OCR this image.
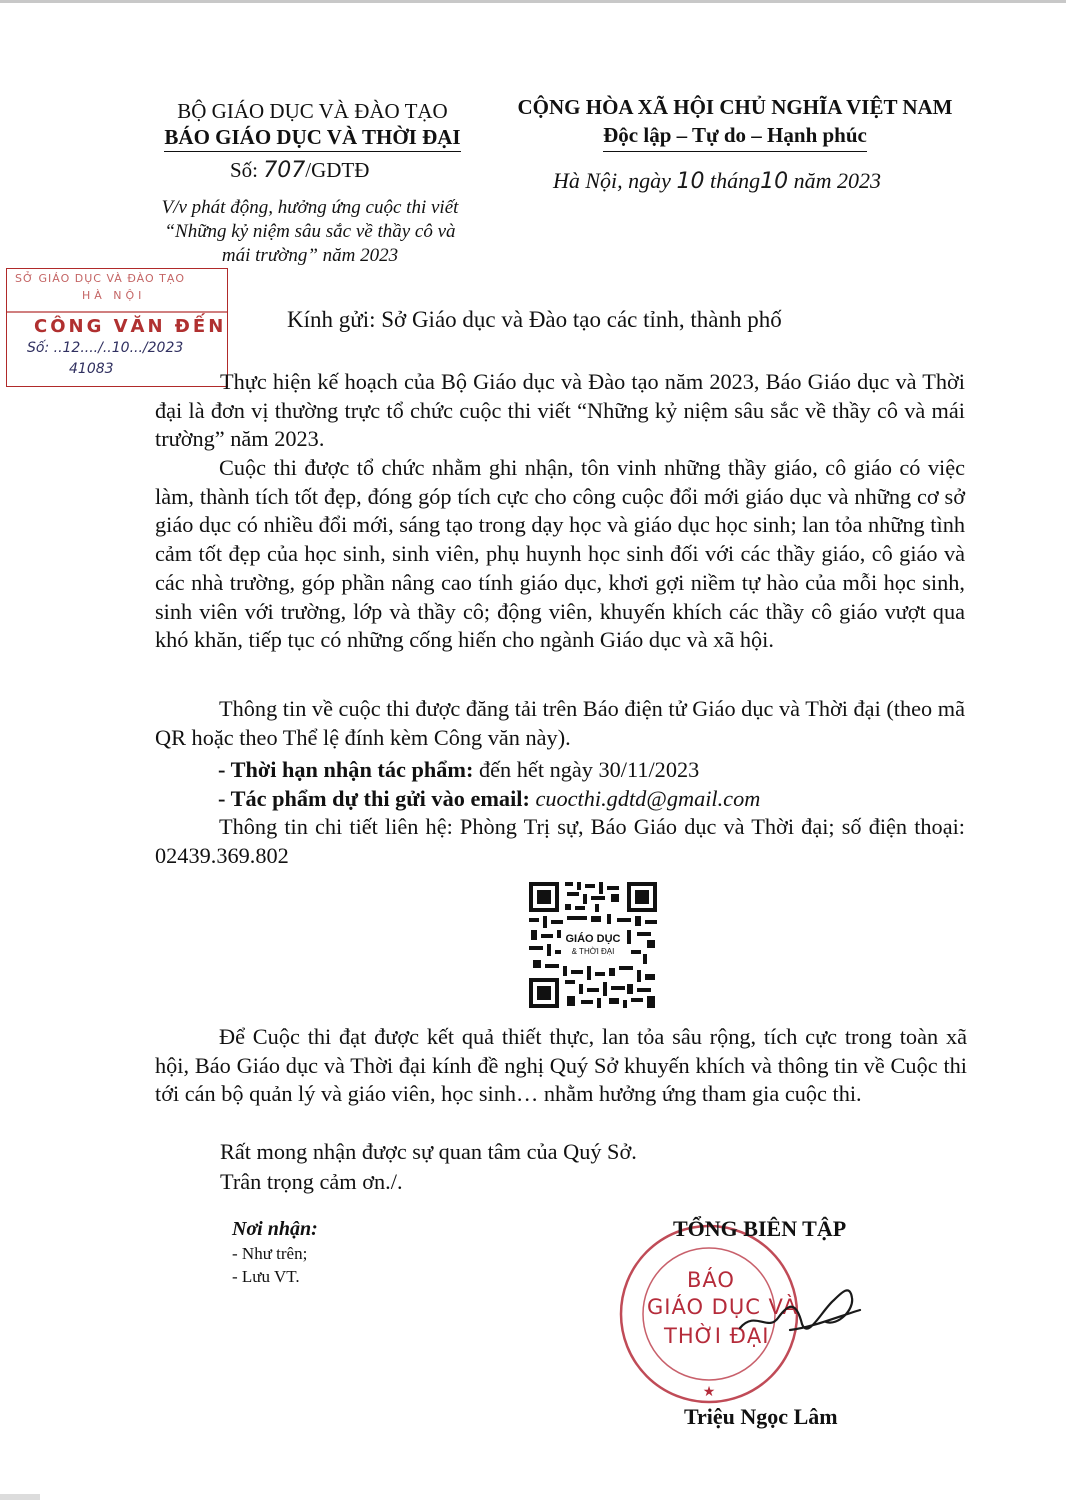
BỘ GIÁO DỤC VÀ ĐÀO TẠO
BÁO GIÁO DỤC VÀ THỜI ĐẠI
Số: 707/GDTĐ
V/v phát động, hưởng ứng cuộc thi viết
“Những kỷ niệm sâu sắc về thầy cô và
mái trường” năm 2023
CỘNG HÒA XÃ HỘI CHỦ NGHĨA VIỆT NAM
Độc lập – Tự do – Hạnh phúc
Hà Nội, ngày 10 tháng10 năm 2023
SỞ GIÁO DỤC VÀ ĐÀO TẠO
HÀ NỘI
CÔNG VĂN ĐẾN
Số: ..12..../..10.../2023
41083
Kính gửi: Sở Giáo dục và Đào tạo các tỉnh, thành phố
Thực hiện kế hoạch của Bộ Giáo dục và Đào tạo năm 2023, Báo Giáo dục và Thời đại là đơn vị thường trực tổ chức cuộc thi viết “Những kỷ niệm sâu sắc về thầy cô và mái trường” năm 2023.
Cuộc thi được tổ chức nhằm ghi nhận, tôn vinh những thầy giáo, cô giáo có việc làm, thành tích tốt đẹp, đóng góp tích cực cho công cuộc đổi mới giáo dục và những cơ sở giáo dục có nhiều đổi mới, sáng tạo trong dạy học và giáo dục học sinh; lan tỏa những tình cảm tốt đẹp của học sinh, sinh viên, phụ huynh học sinh đối với các thầy giáo, cô giáo và các nhà trường, góp phần nâng cao tính giáo dục, khơi gợi niềm tự hào của mỗi học sinh, sinh viên với trường, lớp và thầy cô; động viên, khuyến khích các thầy cô giáo vượt qua khó khăn, tiếp tục có những cống hiến cho ngành Giáo dục và xã hội.
Thông tin về cuộc thi được đăng tải trên Báo điện tử Giáo dục và Thời đại (theo mã QR hoặc theo Thể lệ đính kèm Công văn này).
- Thời hạn nhận tác phẩm: đến hết ngày 30/11/2023
- Tác phẩm dự thi gửi vào email: cuocthi.gdtd@gmail.com
Thông tin chi tiết liên hệ: Phòng Trị sự, Báo Giáo dục và Thời đại; số điện thoại: 02439.369.802
GIÁO DỤC
& THỜI ĐẠI
Để Cuộc thi đạt được kết quả thiết thực, lan tỏa sâu rộng, tích cực trong toàn xã hội, Báo Giáo dục và Thời đại kính đề nghị Quý Sở khuyến khích và thông tin về Cuộc thi tới cán bộ quản lý và giáo viên, học sinh… nhằm hưởng ứng tham gia cuộc thi.
Rất mong nhận được sự quan tâm của Quý Sở.
Trân trọng cảm ơn./.
Nơi nhận:
- Như trên;
- Lưu VT.
★
BÁO
GIÁO DỤC VÀ
THỜI ĐẠI
TỔNG BIÊN TẬP
Triệu Ngọc Lâm
